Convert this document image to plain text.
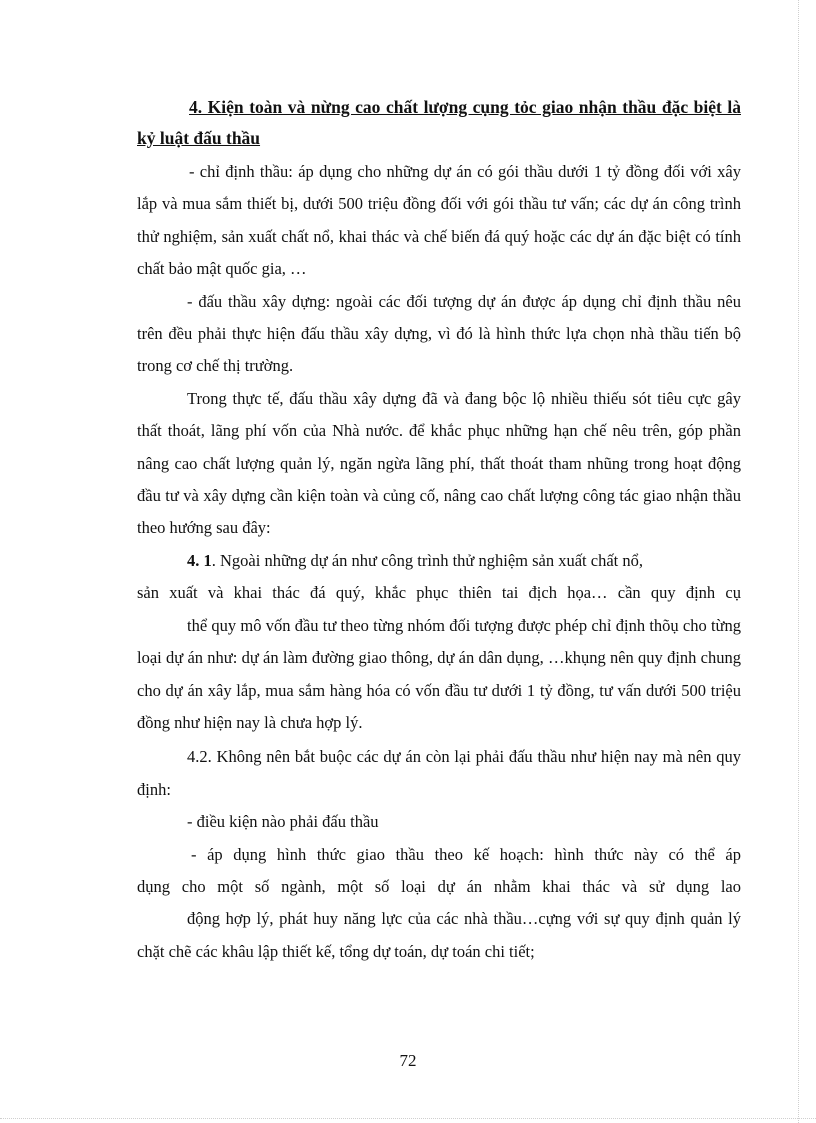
4. Kiện toàn và nừng cao chất lượng cụng tỏc giao nhận thầu đặc biệt là kỷ luật đấu thầu

- chỉ định thầu: áp dụng cho những dự án có gói thầu dưới 1 tỷ đồng đối với xây lắp và mua sắm thiết bị, dưới 500 triệu đồng đối với gói thầu tư vấn; các dự án công trình thử nghiệm, sản xuất chất nổ, khai thác và chế biến đá quý hoặc các dự án đặc biệt có tính chất bảo mật quốc gia, …

- đấu thầu xây dựng: ngoài các đối tượng dự án được áp dụng chỉ định thầu nêu trên đều phải thực hiện đấu thầu xây dựng, vì đó là hình thức lựa chọn nhà thầu tiến bộ trong cơ chế thị trường.

Trong thực tế, đấu thầu xây dựng đã và đang bộc lộ nhiều thiếu sót tiêu cực gây thất thoát, lãng phí vốn của Nhà nước. để khắc phục những hạn chế nêu trên, góp phần nâng cao chất lượng quản lý, ngăn ngừa lãng phí, thất thoát tham nhũng trong hoạt động đầu tư và xây dựng cần kiện toàn và củng cố, nâng cao chất lượng công tác giao nhận thầu theo hướng sau đây:

4. 1. Ngoài những dự án như công trình thử nghiệm sản xuất chất nổ,

sản xuất và khai thác đá quý, khắc phục thiên tai địch họa… cần quy định cụ

thể quy mô vốn đầu tư theo từng nhóm đối tượng được phép chỉ định thõụ cho từng loại dự án như: dự án làm đường giao thông, dự án dân dụng, …khụng nên quy định chung cho dự án xây lắp, mua sắm hàng hóa có vốn đầu tư dưới 1 tỷ đồng, tư vấn dưới 500 triệu đồng như hiện nay là chưa hợp lý.

4.2. Không nên bắt buộc các dự án còn lại phải đấu thầu như hiện nay mà nên quy định:

- điều kiện nào phải đấu thầu

- áp dụng hình thức giao thầu theo kế hoạch: hình thức này có thể áp

dụng cho một số ngành, một số loại dự án nhằm khai thác và sử dụng lao

động hợp lý, phát huy năng lực của các nhà thầu…cựng với sự quy định quản lý chặt chẽ các khâu lập thiết kế, tổng dự toán, dự toán chi tiết;

72
